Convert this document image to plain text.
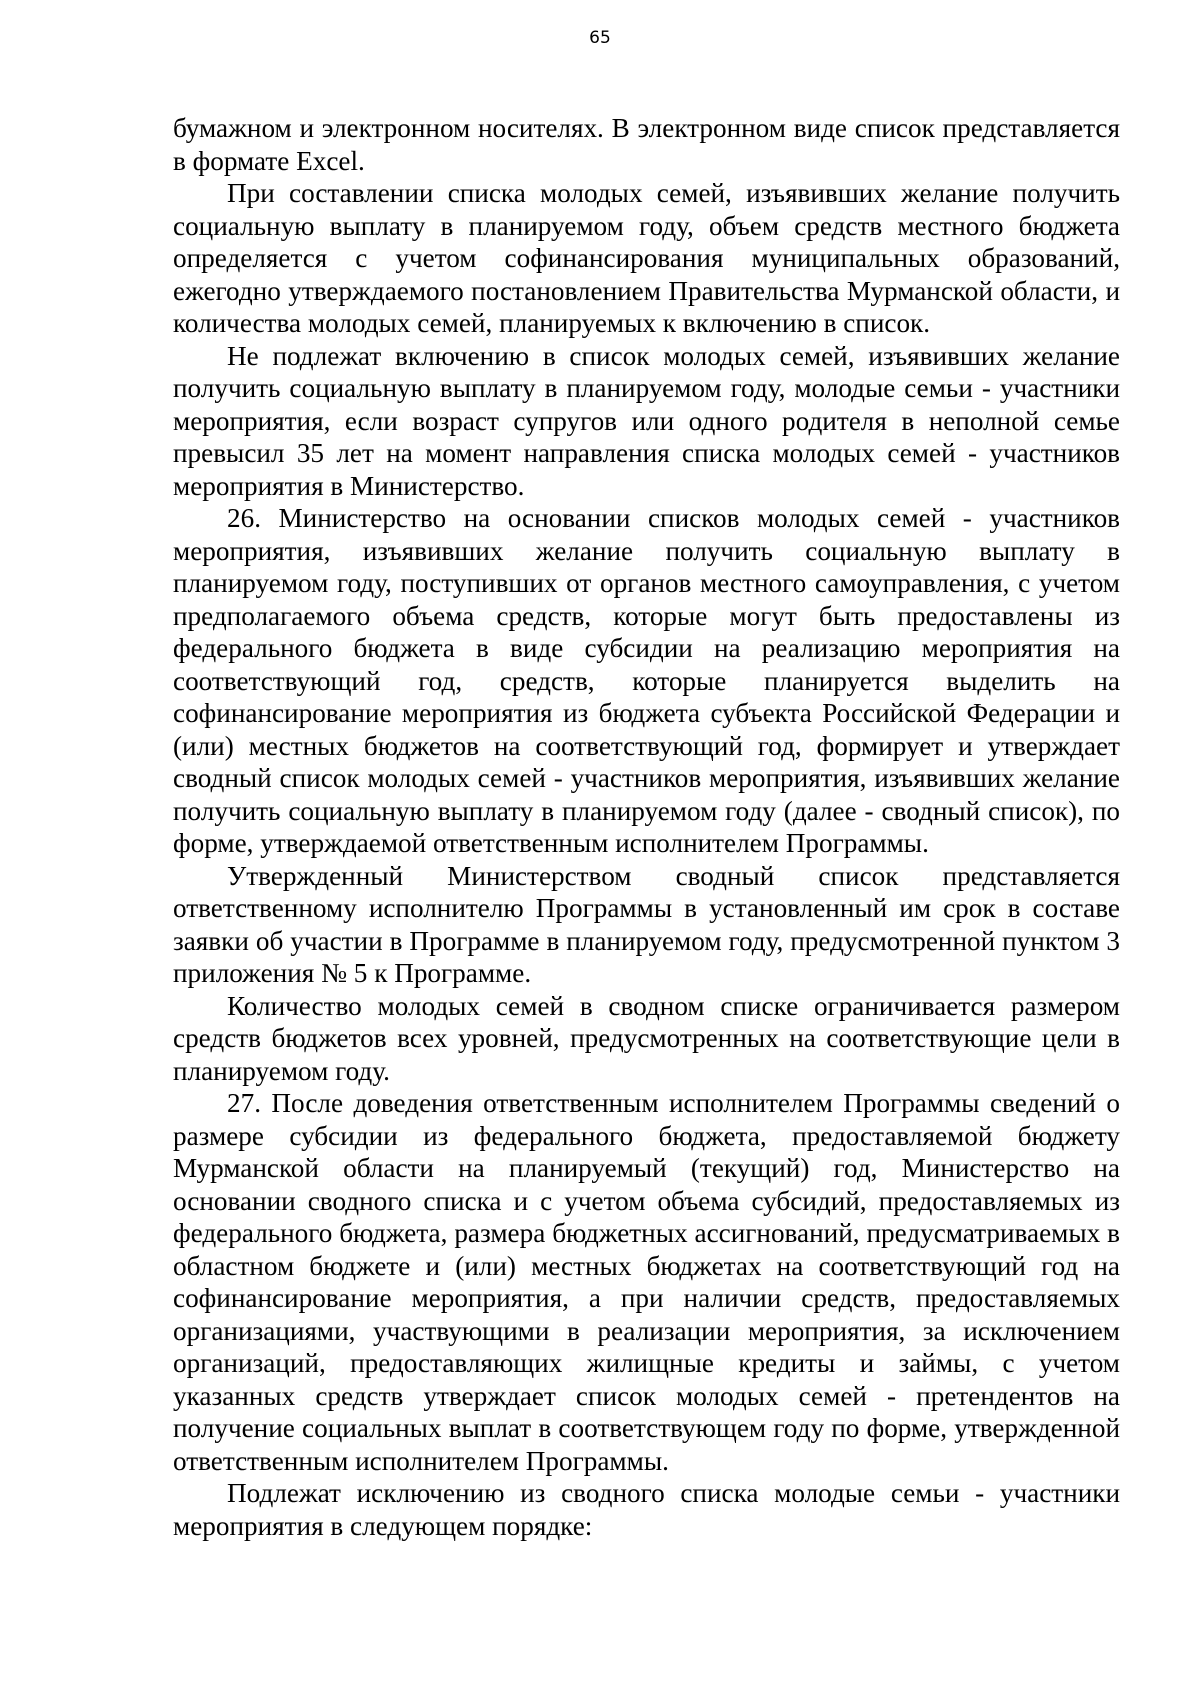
65

бумажном и электронном носителях. В электронном виде список представляется в формате Excel.

При составлении списка молодых семей, изъявивших желание получить социальную выплату в планируемом году, объем средств местного бюджета определяется с учетом софинансирования муниципальных образований, ежегодно утверждаемого постановлением Правительства Мурманской области, и количества молодых семей, планируемых к включению в список.

Не подлежат включению в список молодых семей, изъявивших желание получить социальную выплату в планируемом году, молодые семьи - участники мероприятия, если возраст супругов или одного родителя в неполной семье превысил 35 лет на момент направления списка молодых семей - участников мероприятия в Министерство.

26. Министерство на основании списков молодых семей - участников мероприятия, изъявивших желание получить социальную выплату в планируемом году, поступивших от органов местного самоуправления, с учетом предполагаемого объема средств, которые могут быть предоставлены из федерального бюджета в виде субсидии на реализацию мероприятия на соответствующий год, средств, которые планируется выделить на софинансирование мероприятия из бюджета субъекта Российской Федерации и (или) местных бюджетов на соответствующий год, формирует и утверждает сводный список молодых семей - участников мероприятия, изъявивших желание получить социальную выплату в планируемом году (далее - сводный список), по форме, утверждаемой ответственным исполнителем Программы.

Утвержденный Министерством сводный список представляется ответственному исполнителю Программы в установленный им срок в составе заявки об участии в Программе в планируемом году, предусмотренной пунктом 3 приложения № 5 к Программе.

Количество молодых семей в сводном списке ограничивается размером средств бюджетов всех уровней, предусмотренных на соответствующие цели в планируемом году.

27. После доведения ответственным исполнителем Программы сведений о размере субсидии из федерального бюджета, предоставляемой бюджету Мурманской области на планируемый (текущий) год, Министерство на основании сводного списка и с учетом объема субсидий, предоставляемых из федерального бюджета, размера бюджетных ассигнований, предусматриваемых в областном бюджете и (или) местных бюджетах на соответствующий год на софинансирование мероприятия, а при наличии средств, предоставляемых организациями, участвующими в реализации мероприятия, за исключением организаций, предоставляющих жилищные кредиты и займы, с учетом указанных средств утверждает список молодых семей - претендентов на получение социальных выплат в соответствующем году по форме, утвержденной ответственным исполнителем Программы.

Подлежат исключению из сводного списка молодые семьи - участники мероприятия в следующем порядке:
